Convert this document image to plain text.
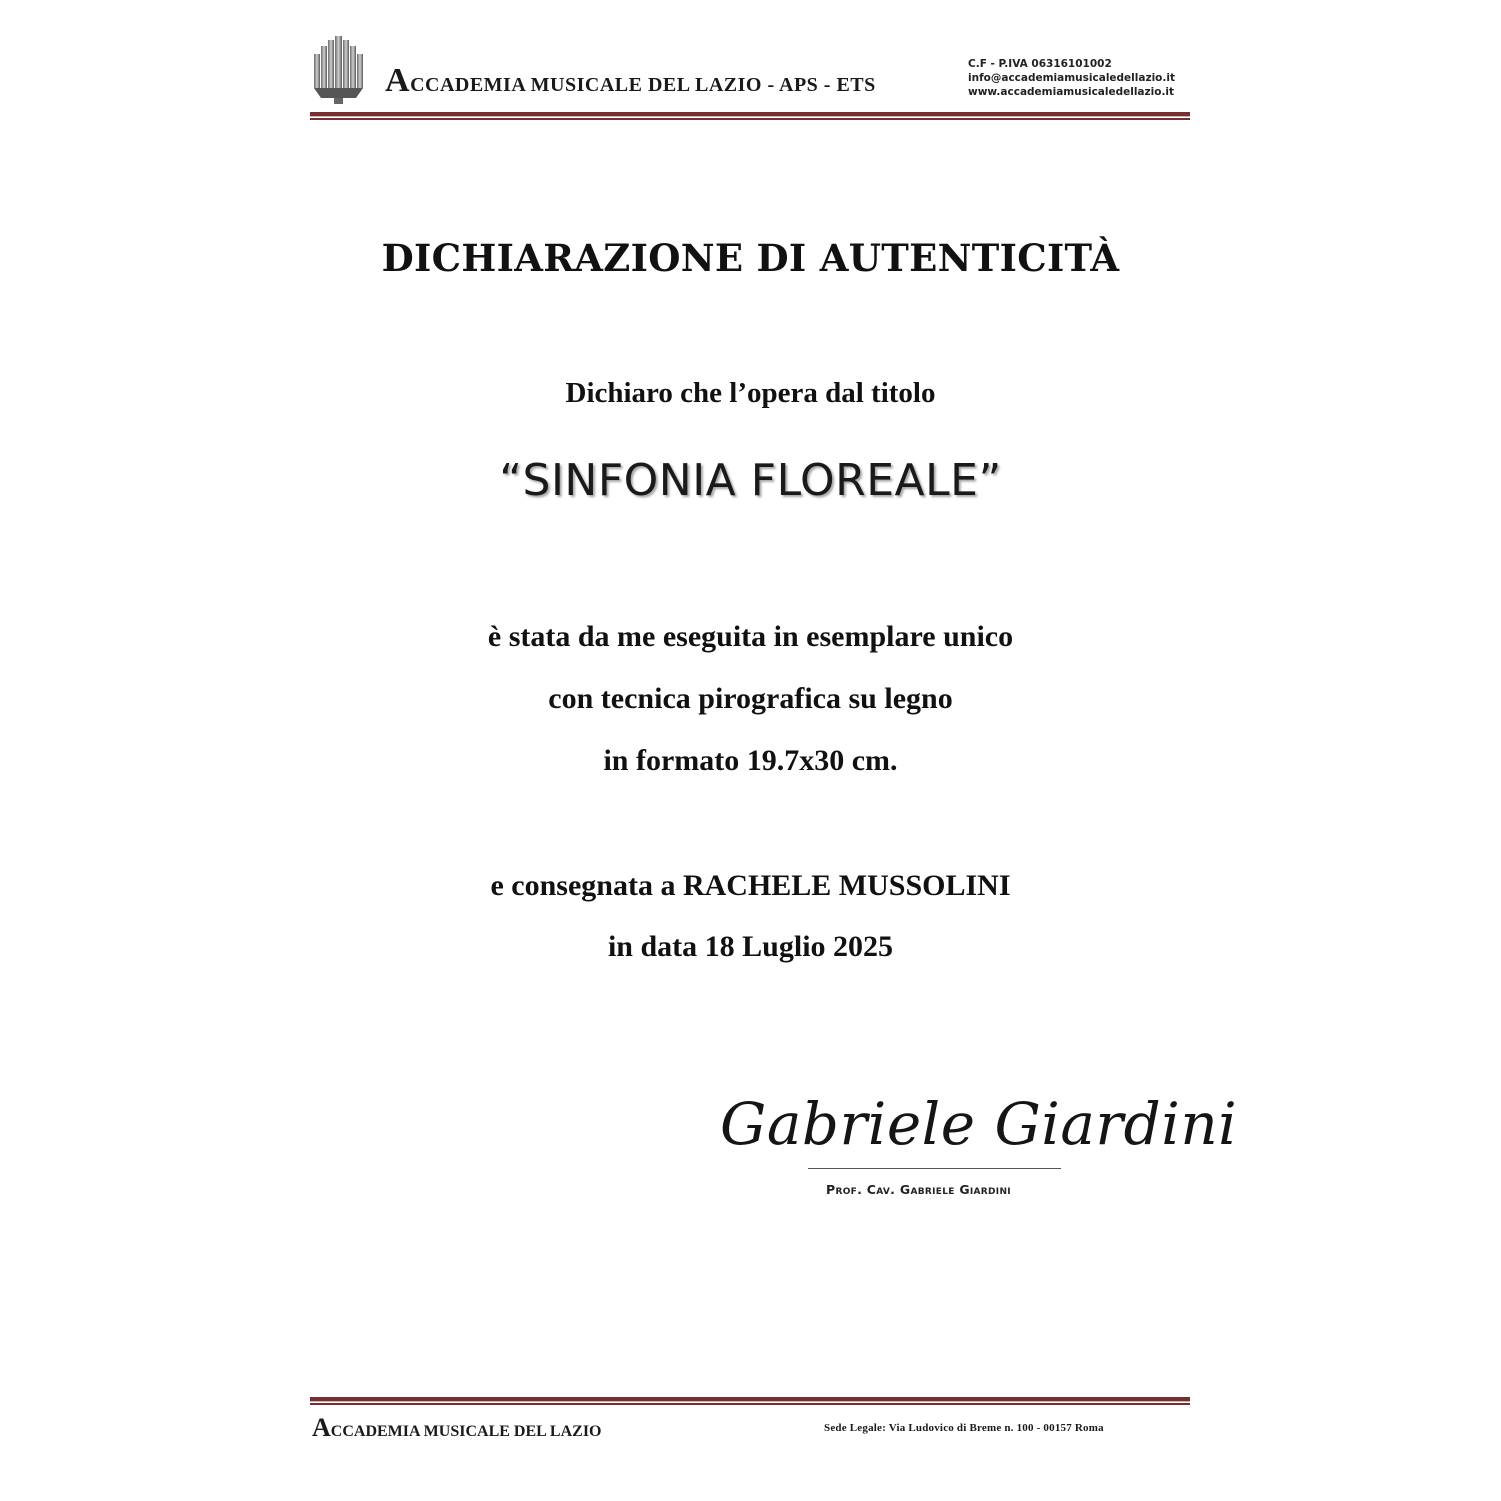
ACCADEMIA MUSICALE DEL LAZIO - APS - ETS
C.F - P.IVA 06316101002
info@accademiamusicaledellazio.it
www.accademiamusicaledellazio.it
DICHIARAZIONE DI AUTENTICITÀ
Dichiaro che l’opera dal titolo
“SINFONIA FLOREALE”
è stata da me eseguita in esemplare unico
con tecnica pirografica su legno
in formato 19.7x30 cm.
e consegnata a RACHELE MUSSOLINI
in data 18 Luglio 2025
Gabriele Giardini
Prof. Cav. Gabriele Giardini
ACCADEMIA MUSICALE DEL LAZIO	Sede Legale: Via Ludovico di Breme n. 100 - 00157 Roma
